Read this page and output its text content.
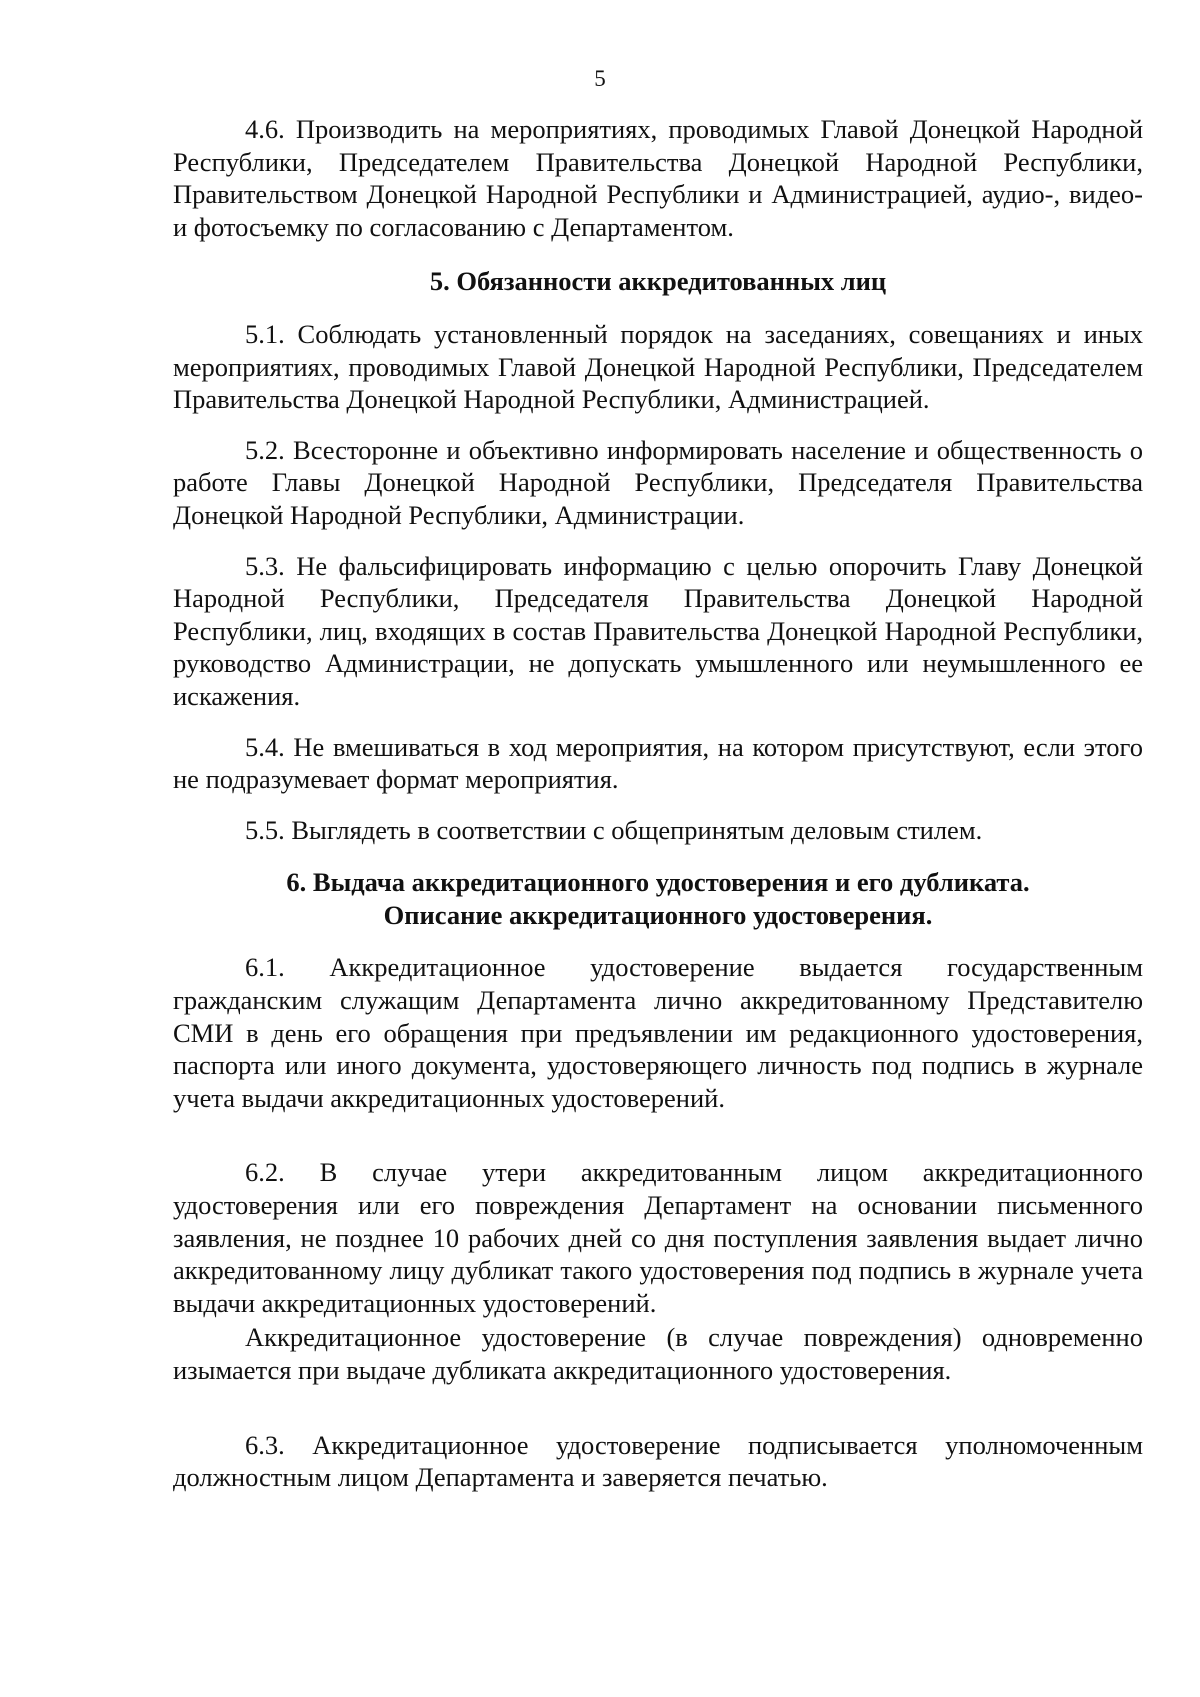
5

4.6. Производить на мероприятиях, проводимых Главой Донецкой Народной Республики, Председателем Правительства Донецкой Народной Республики, Правительством Донецкой Народной Республики и Администрацией, аудио-, видео- и фотосъемку по согласованию с Департаментом.

5. Обязанности аккредитованных лиц

5.1. Соблюдать установленный порядок на заседаниях, совещаниях и иных мероприятиях, проводимых Главой Донецкой Народной Республики, Председателем Правительства Донецкой Народной Республики, Администрацией.

5.2. Всесторонне и объективно информировать население и общественность о работе Главы Донецкой Народной Республики, Председателя Правительства Донецкой Народной Республики, Администрации.

5.3. Не фальсифицировать информацию с целью опорочить Главу Донецкой Народной Республики, Председателя Правительства Донецкой Народной Республики, лиц, входящих в состав Правительства Донецкой Народной Республики, руководство Администрации, не допускать умышленного или неумышленного ее искажения.

5.4. Не вмешиваться в ход мероприятия, на котором присутствуют, если этого не подразумевает формат мероприятия.

5.5. Выглядеть в соответствии с общепринятым деловым стилем.

6. Выдача аккредитационного удостоверения и его дубликата.
Описание аккредитационного удостоверения.

6.1. Аккредитационное удостоверение выдается государственным гражданским служащим Департамента лично аккредитованному Представителю СМИ в день его обращения при предъявлении им редакционного удостоверения, паспорта или иного документа, удостоверяющего личность под подпись в журнале учета выдачи аккредитационных удостоверений.

6.2. В случае утери аккредитованным лицом аккредитационного удостоверения или его повреждения Департамент на основании письменного заявления, не позднее 10 рабочих дней со дня поступления заявления выдает лично аккредитованному лицу дубликат такого удостоверения под подпись в журнале учета выдачи аккредитационных удостоверений.

Аккредитационное удостоверение (в случае повреждения) одновременно изымается при выдаче дубликата аккредитационного удостоверения.

6.3. Аккредитационное удостоверение подписывается уполномоченным должностным лицом Департамента и заверяется печатью.
